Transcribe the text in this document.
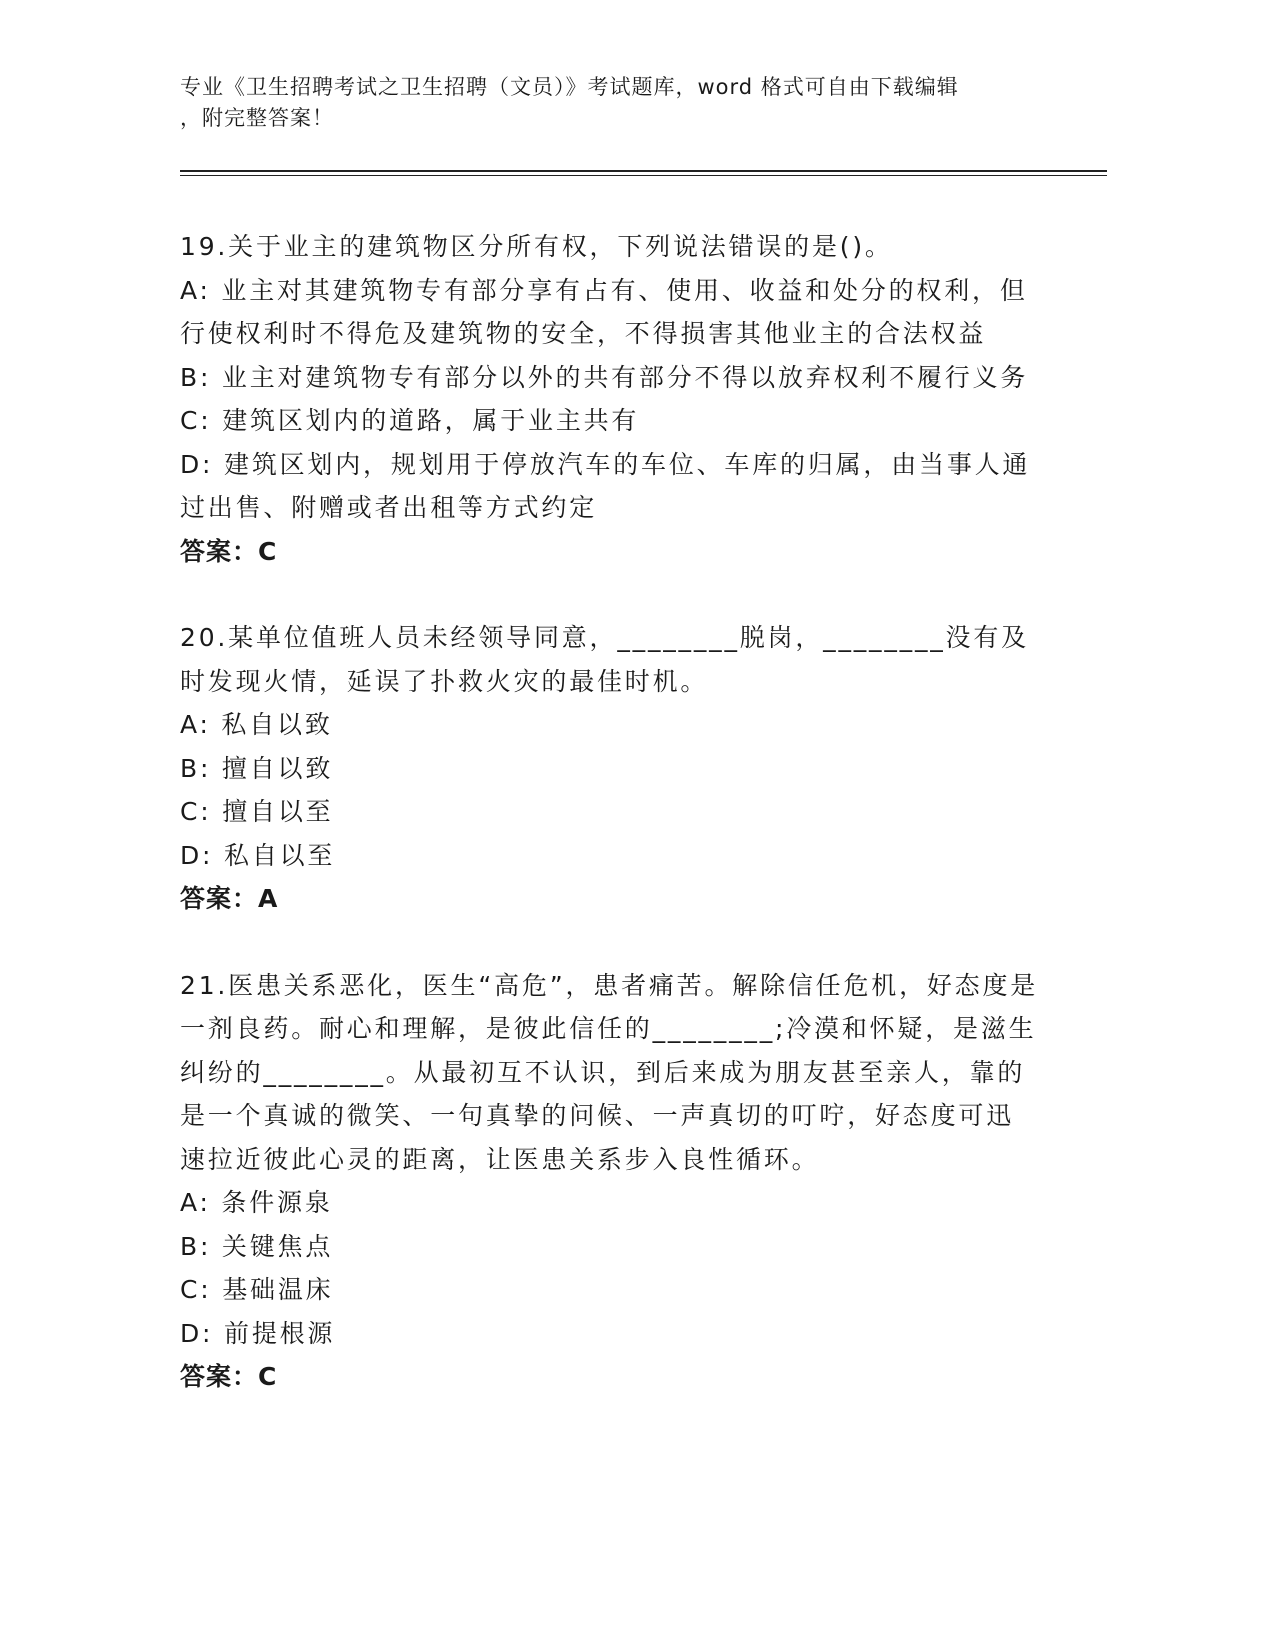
专业《卫生招聘考试之卫生招聘（文员）》考试题库，word 格式可自由下载编辑
，附完整答案！
19.关于业主的建筑物区分所有权，下列说法错误的是()。
A: 业主对其建筑物专有部分享有占有、使用、收益和处分的权利，但行使权利时不得危及建筑物的安全，不得损害其他业主的合法权益
B: 业主对建筑物专有部分以外的共有部分不得以放弃权利不履行义务
C: 建筑区划内的道路，属于业主共有
D: 建筑区划内，规划用于停放汽车的车位、车库的归属，由当事人通过出售、附赠或者出租等方式约定
答案：C
20.某单位值班人员未经领导同意，________脱岗，________没有及时发现火情，延误了扑救火灾的最佳时机。
A: 私自以致
B: 擅自以致
C: 擅自以至
D: 私自以至
答案：A
21.医患关系恶化，医生“高危”，患者痛苦。解除信任危机，好态度是一剂良药。耐心和理解，是彼此信任的________;冷漠和怀疑，是滋生纠纷的________。从最初互不认识，到后来成为朋友甚至亲人，靠的是一个真诚的微笑、一句真挚的问候、一声真切的叮咛，好态度可迅速拉近彼此心灵的距离，让医患关系步入良性循环。
A: 条件源泉
B: 关键焦点
C: 基础温床
D: 前提根源
答案：C
